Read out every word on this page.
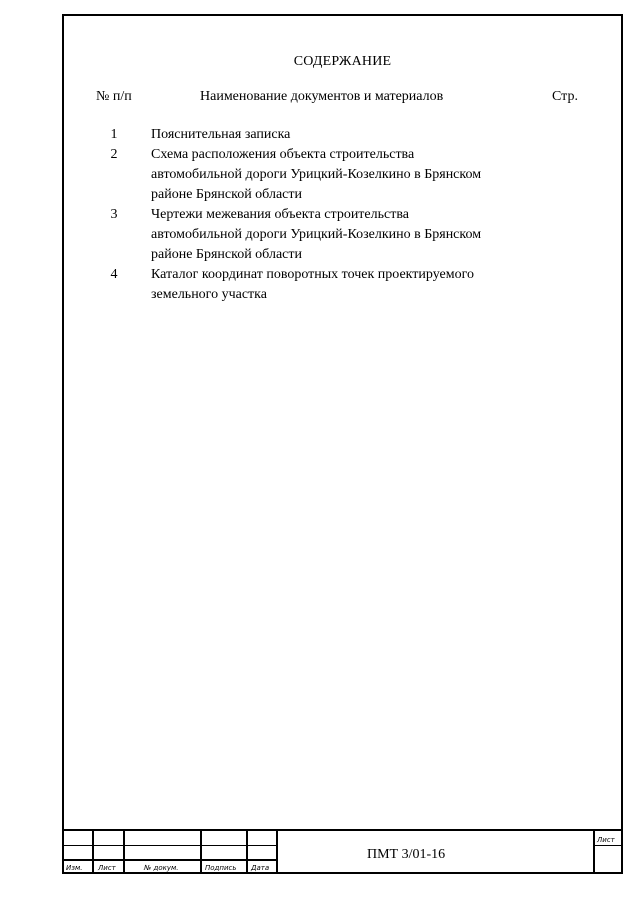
СОДЕРЖАНИЕ
№ п/п	Наименование документов и материалов	Стр.
1 Пояснительная записка
2 Схема расположения объекта строительства
автомобильной дороги Урицкий-Козелкино в Брянском
районе Брянской области
3 Чертежи межевания объекта строительства
автомобильной дороги Урицкий-Козелкино в Брянском
районе Брянской области
4 Каталог координат поворотных точек проектируемого
земельного участка
Изм. Лист	№ докум.	Подпись Дата
ПМТ 3/01-16
Лист
